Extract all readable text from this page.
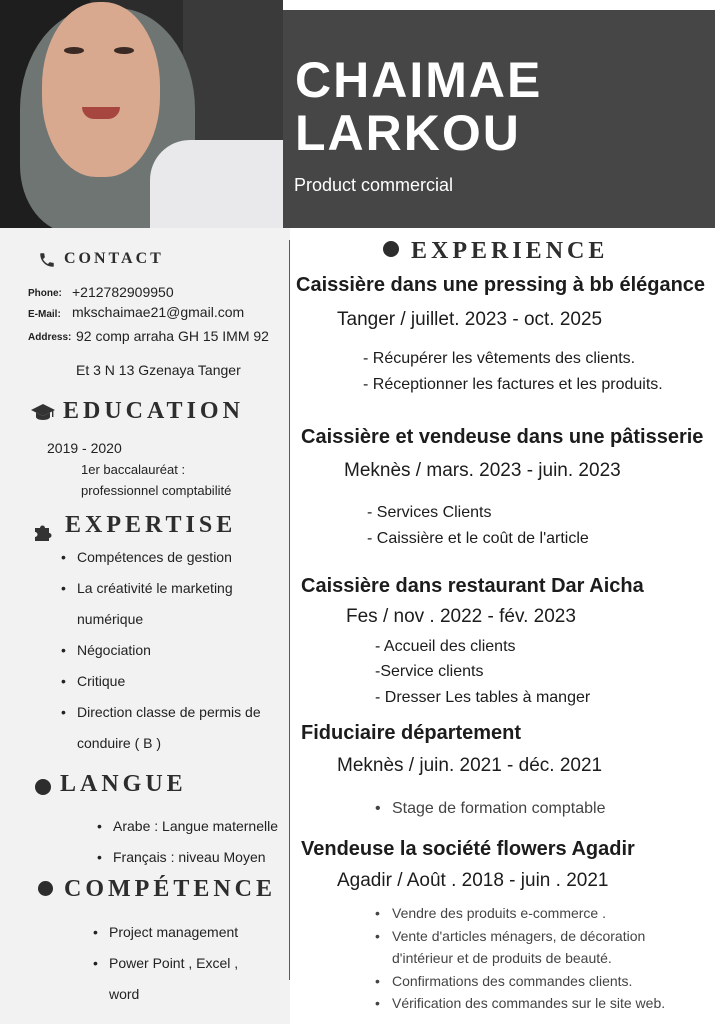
CHAIMAE
LARKOU
Product commercial
CONTACT
Phone: +212782909950
E-Mail: mkschaimae21@gmail.com
Address: 92 comp arraha GH 15 IMM 92
Et 3 N 13 Gzenaya Tanger
EDUCATION
2019 - 2020
1er baccalauréat :
professionnel comptabilité
EXPERTISE
• Compétences de gestion
• La créativité le marketing
numérique
• Négociation
• Critique
• Direction classe de permis de
conduire ( B )
LANGUE
• Arabe : Langue maternelle
• Français : niveau Moyen
COMPÉTENCE
• Project management
• Power Point , Excel ,
word
EXPERIENCE
Caissière dans une pressing à bb élégance
Tanger / juillet. 2023 - oct. 2025
- Récupérer les vêtements des clients.
- Réceptionner les factures et les produits.
Caissière et vendeuse dans une pâtisserie
Meknès / mars. 2023 - juin. 2023
- Services Clients
- Caissière et le coût de l'article
Caissière dans restaurant Dar Aicha
Fes / nov . 2022 - fév. 2023
- Accueil des clients
-Service clients
- Dresser Les tables à manger
Fiduciaire département
Meknès / juin. 2021 - déc. 2021
• Stage de formation comptable
Vendeuse la société flowers Agadir
Agadir / Août . 2018 - juin . 2021
• Vendre des produits e-commerce .
• Vente d'articles ménagers, de décoration
d'intérieur et de produits de beauté.
• Confirmations des commandes clients.
• Vérification des commandes sur le site web.
